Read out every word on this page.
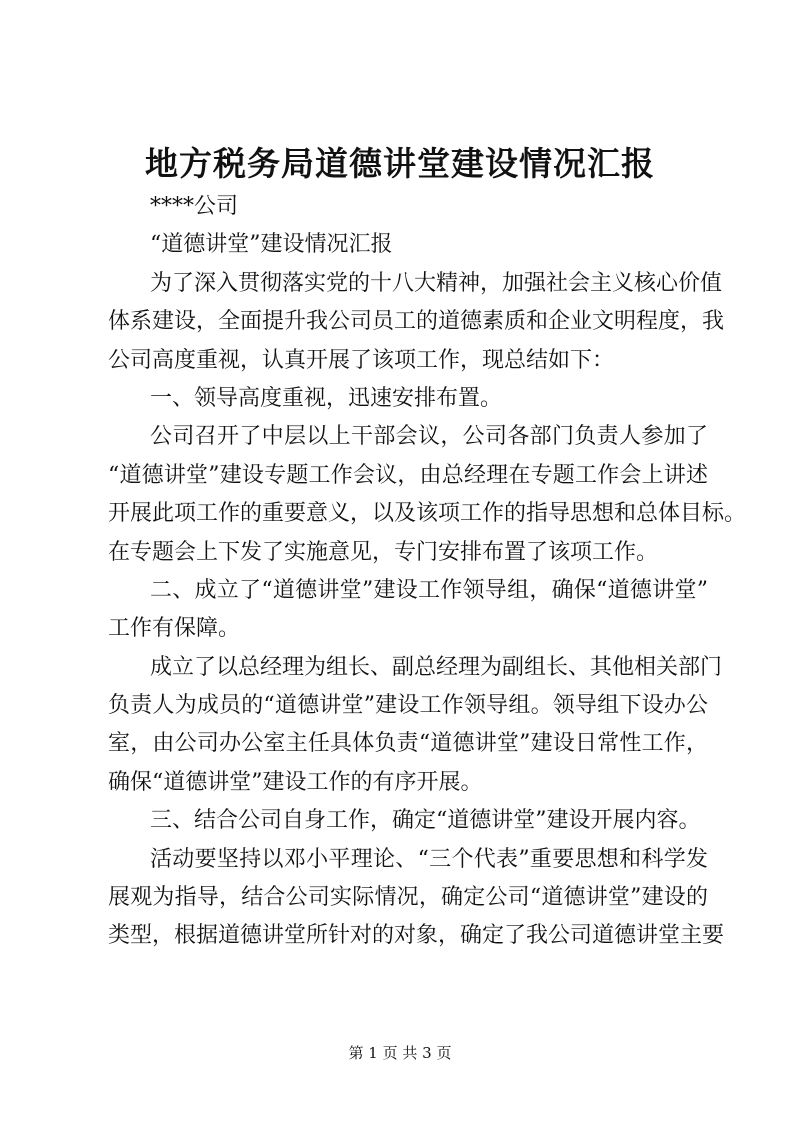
地方税务局道德讲堂建设情况汇报
****公司
“道德讲堂”建设情况汇报
为了深入贯彻落实党的十八大精神，加强社会主义核心价值
体系建设，全面提升我公司员工的道德素质和企业文明程度，我
公司高度重视，认真开展了该项工作，现总结如下：
一、领导高度重视，迅速安排布置。
公司召开了中层以上干部会议，公司各部门负责人参加了
“道德讲堂”建设专题工作会议，由总经理在专题工作会上讲述
开展此项工作的重要意义，以及该项工作的指导思想和总体目标。
在专题会上下发了实施意见，专门安排布置了该项工作。
二、成立了“道德讲堂”建设工作领导组，确保“道德讲堂”
工作有保障。
成立了以总经理为组长、副总经理为副组长、其他相关部门
负责人为成员的“道德讲堂”建设工作领导组。领导组下设办公
室，由公司办公室主任具体负责“道德讲堂”建设日常性工作，
确保“道德讲堂”建设工作的有序开展。
三、结合公司自身工作，确定“道德讲堂”建设开展内容。
活动要坚持以邓小平理论、“三个代表”重要思想和科学发
展观为指导，结合公司实际情况，确定公司“道德讲堂”建设的
类型，根据道德讲堂所针对的对象，确定了我公司道德讲堂主要
第 1 页 共 3 页
